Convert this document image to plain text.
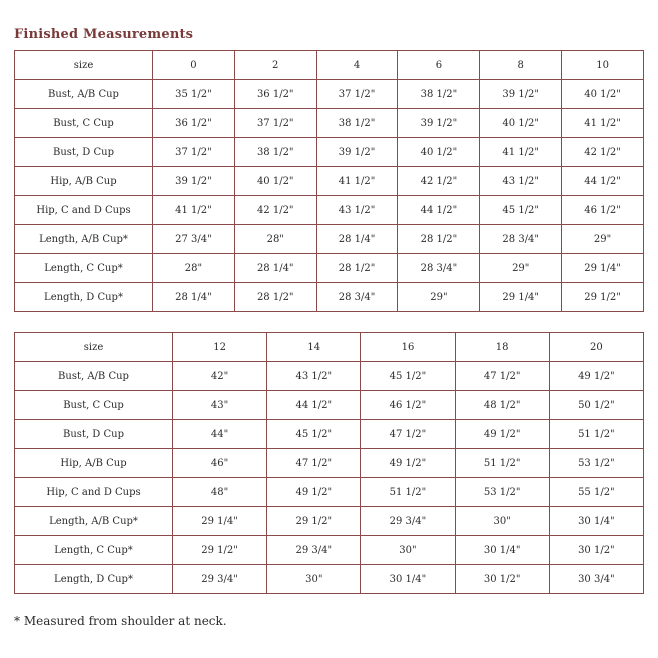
Finished Measurements
size	0	2	4	6	8	10
Bust, A/B Cup	35 1/2"	36 1/2"	37 1/2"	38 1/2"	39 1/2"	40 1/2"
Bust, C Cup	36 1/2"	37 1/2"	38 1/2"	39 1/2"	40 1/2"	41 1/2"
Bust, D Cup	37 1/2"	38 1/2"	39 1/2"	40 1/2"	41 1/2"	42 1/2"
Hip, A/B Cup	39 1/2"	40 1/2"	41 1/2"	42 1/2"	43 1/2"	44 1/2"
Hip, C and D Cups	41 1/2"	42 1/2"	43 1/2"	44 1/2"	45 1/2"	46 1/2"
Length, A/B Cup*	27 3/4"	28"	28 1/4"	28 1/2"	28 3/4"	29"
Length, C Cup*	28"	28 1/4"	28 1/2"	28 3/4"	29"	29 1/4"
Length, D Cup*	28 1/4"	28 1/2"	28 3/4"	29"	29 1/4"	29 1/2"
size	12	14	16	18	20
Bust, A/B Cup	42"	43 1/2"	45 1/2"	47 1/2"	49 1/2"
Bust, C Cup	43"	44 1/2"	46 1/2"	48 1/2"	50 1/2"
Bust, D Cup	44"	45 1/2"	47 1/2"	49 1/2"	51 1/2"
Hip, A/B Cup	46"	47 1/2"	49 1/2"	51 1/2"	53 1/2"
Hip, C and D Cups	48"	49 1/2"	51 1/2"	53 1/2"	55 1/2"
Length, A/B Cup*	29 1/4"	29 1/2"	29 3/4"	30"	30 1/4"
Length, C Cup*	29 1/2"	29 3/4"	30"	30 1/4"	30 1/2"
Length, D Cup*	29 3/4"	30"	30 1/4"	30 1/2"	30 3/4"
* Measured from shoulder at neck.
